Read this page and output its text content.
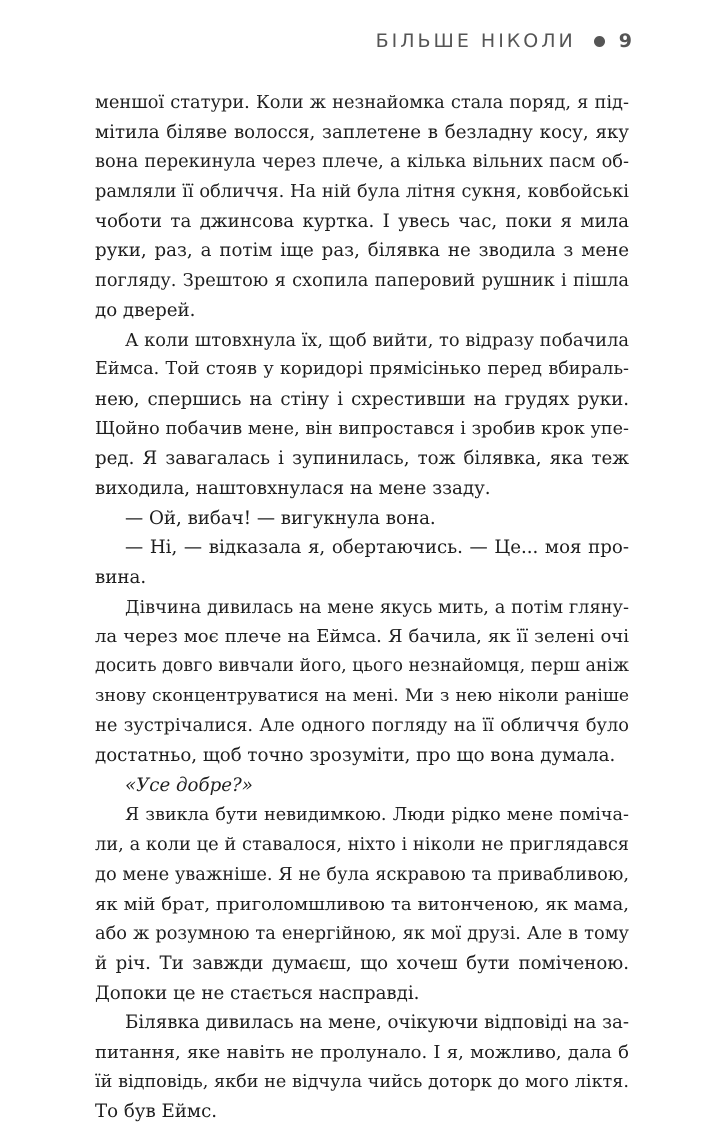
БІЛЬШЕ НІКОЛИ 9
меншої статури. Коли ж незнайомка стала поряд, я під-
мітила біляве волосся, заплетене в безладну косу, яку
вона перекинула через плече, а кілька вільних пасм об-
рамляли її обличчя. На ній була літня сукня, ковбойські
чоботи та джинсова куртка. І увесь час, поки я мила
руки, раз, а потім іще раз, білявка не зводила з мене
погляду. Зрештою я схопила паперовий рушник і пішла
до дверей.
А коли штовхнула їх, щоб вийти, то відразу побачила
Еймса. Той стояв у коридорі прямісінько перед вбираль-
нею, спершись на стіну і схрестивши на грудях руки.
Щойно побачив мене, він випростався і зробив крок упе-
ред. Я завагалась і зупинилась, тож білявка, яка теж
виходила, наштовхнулася на мене ззаду.
— Ой, вибач! — вигукнула вона.
— Ні, — відказала я, обертаючись. — Це... моя про-
вина.
Дівчина дивилась на мене якусь мить, а потім гляну-
ла через моє плече на Еймса. Я бачила, як її зелені очі
досить довго вивчали його, цього незнайомця, перш аніж
знову сконцентруватися на мені. Ми з нею ніколи раніше
не зустрічалися. Але одного погляду на її обличчя було
достатньо, щоб точно зрозуміти, про що вона думала.
«Усе добре?»
Я звикла бути невидимкою. Люди рідко мене поміча-
ли, а коли це й ставалося, ніхто і ніколи не приглядався
до мене уважніше. Я не була яскравою та привабливою,
як мій брат, приголомшливою та витонченою, як мама,
або ж розумною та енергійною, як мої друзі. Але в тому
й річ. Ти завжди думаєш, що хочеш бути поміченою.
Допоки це не стається насправді.
Білявка дивилась на мене, очікуючи відповіді на за-
питання, яке навіть не пролунало. І я, можливо, дала б
їй відповідь, якби не відчула чийсь доторк до мого ліктя.
То був Еймс.
